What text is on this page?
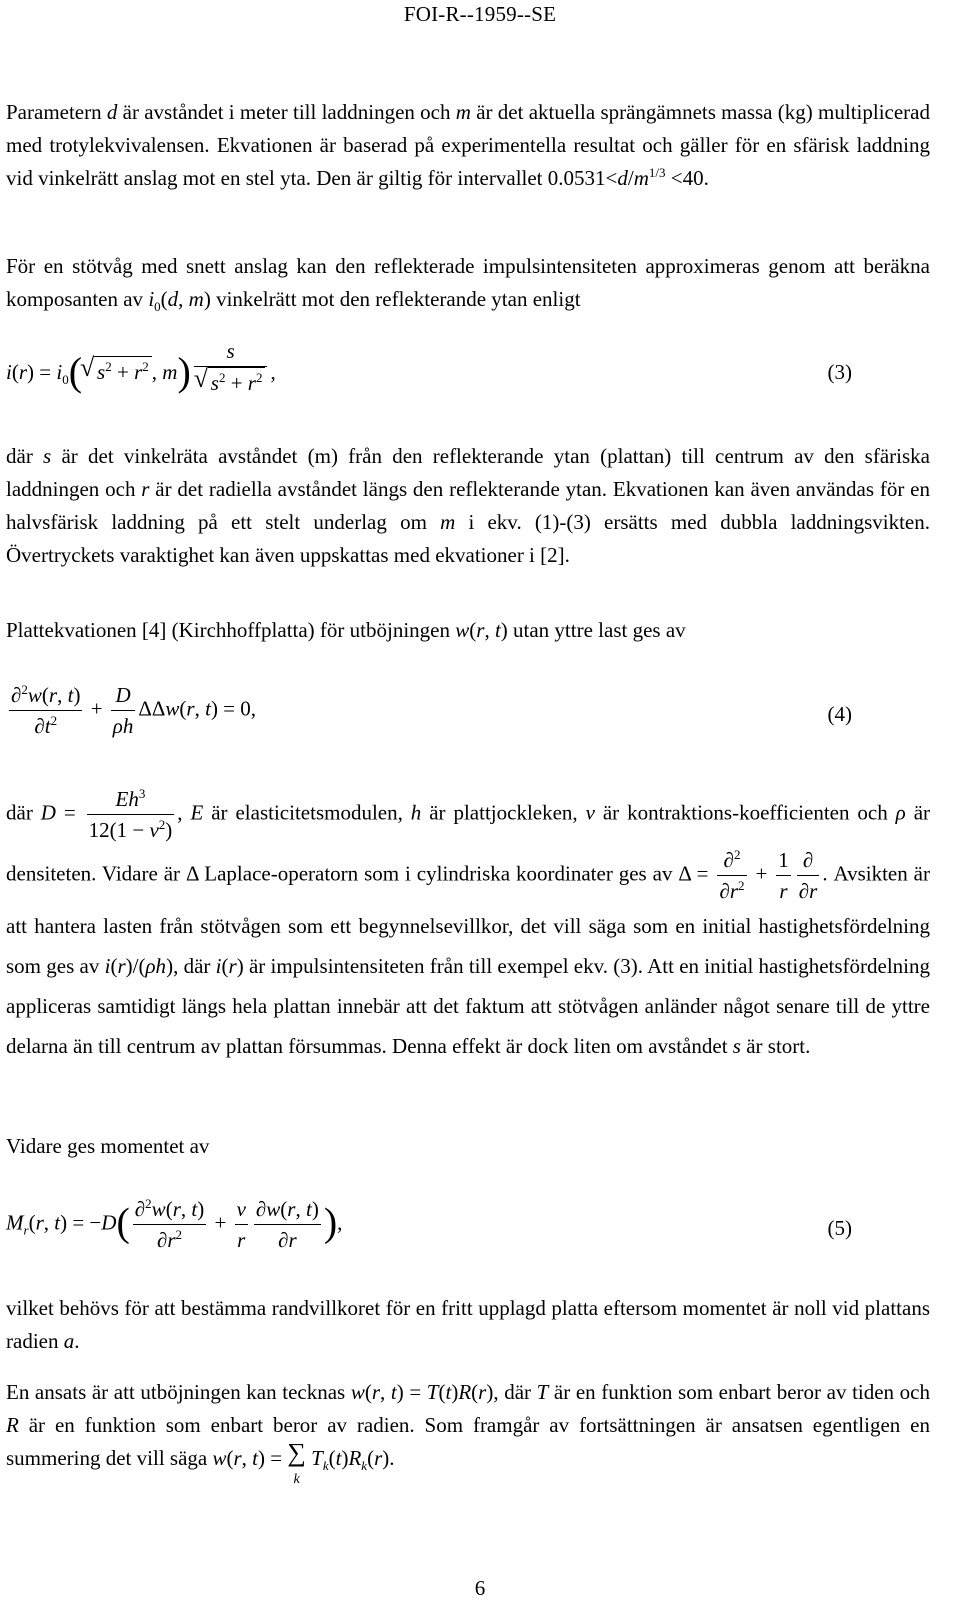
FOI-R--1959--SE

Parametern d är avståndet i meter till laddningen och m är det aktuella sprängämnets massa (kg) multiplicerad med trotylekvivalensen. Ekvationen är baserad på experimentella resultat och gäller för en sfärisk laddning vid vinkelrätt anslag mot en stel yta. Den är giltig för intervallet $0.0531<d/m^{1/3} <40$.

För en stötvåg med snett anslag kan den reflekterade impulsintensiteten approximeras genom att beräkna komposanten av $i_0(d$, m) vinkelrätt mot den reflekterande ytan enligt

$i(r) = i_0(√$ $s^2 + r^2$ , m) s
√ $s^2 + r^2$ ,	(3)

där s är det vinkelräta avståndet (m) från den reflekterande ytan (plattan) till centrum av den sfäriska laddningen och r är det radiella avståndet längs den reflekterande ytan. Ekvationen kan även användas för en halvsfärisk laddning på ett stelt underlag om m i ekv. (1)-(3) ersätts med dubbla laddningsvikten. Övertryckets varaktighet kan även uppskattas med ekvationer i [2].

Plattekvationen [4] (Kirchhoffplatta) för utböjningen w(r, t) utan yttre last ges av

$\frac{\partial^2w(r, t)}{\partial t^2} + \frac{D}{\rho h} \Delta\Delta w(r$, t) = 0,	(4)

där $D = \frac{Eh^3}{12(1 - \nu^2)}$ , E är elasticitetsmodulen, h är plattjockleken, ν är kontraktions-koefficienten och ρ är densiteten. Vidare är Δ Laplace-operatorn som i cylindriska koordinater ges av $\Delta = \frac{\partial^2}{\partial r^2} + \frac{1}{r} \frac{\partial}{\partial r}$ . Avsikten är att hantera lasten från stötvågen som ett begynnelsevillkor, det vill säga som en initial hastighetsfördelning som ges av i(r)/(ρh), där i(r) är impulsintensiteten från till exempel ekv. (3). Att en initial hastighetsfördelning appliceras samtidigt längs hela plattan innebär att det faktum att stötvågen anländer något senare till de yttre delarna än till centrum av plattan försummas. Denna effekt är dock liten om avståndet s är stort.

Vidare ges momentet av

$M_r(r$, $t) = -D( \frac{\partial^2w(r, t)}{\partial r^2} + \frac{\nu}{r} \frac{\partial w(r, t)}{\partial r}$ ),	(5)

vilket behövs för att bestämma randvillkoret för en fritt upplagd platta eftersom momentet är noll vid plattans radien a.

En ansats är att utböjningen kan tecknas w(r, t) = T(t)R(r), där T är en funktion som enbart beror av tiden och R är en funktion som enbart beror av radien. Som framgår av fortsättningen är ansatsen egentligen en summering det vill säga w(r, t) = ∑
k $T_k(t)R_k(r)$.

6
